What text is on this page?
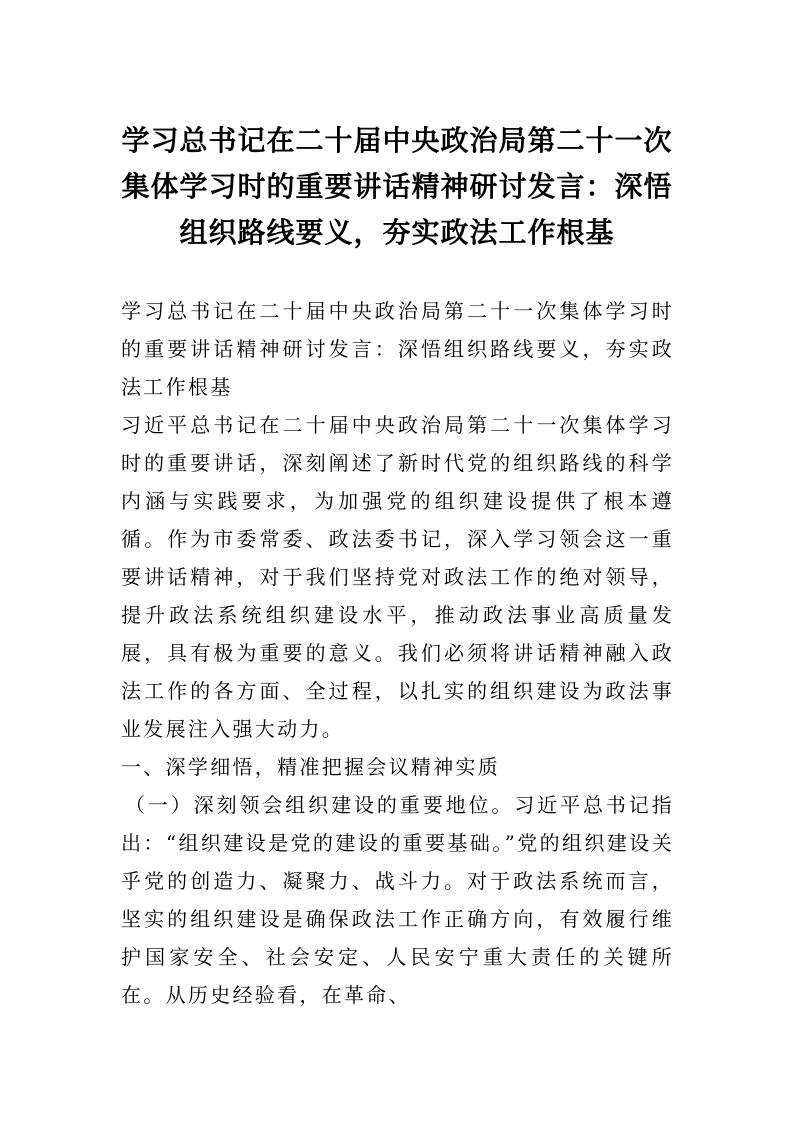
学习总书记在二十届中央政治局第二十一次集体学习时的重要讲话精神研讨发言：深悟组织路线要义，夯实政法工作根基

学习总书记在二十届中央政治局第二十一次集体学习时的重要讲话精神研讨发言：深悟组织路线要义，夯实政法工作根基

习近平总书记在二十届中央政治局第二十一次集体学习时的重要讲话，深刻阐述了新时代党的组织路线的科学内涵与实践要求，为加强党的组织建设提供了根本遵循。作为市委常委、政法委书记，深入学习领会这一重要讲话精神，对于我们坚持党对政法工作的绝对领导，提升政法系统组织建设水平，推动政法事业高质量发展，具有极为重要的意义。我们必须将讲话精神融入政法工作的各方面、全过程，以扎实的组织建设为政法事业发展注入强大动力。

一、深学细悟，精准把握会议精神实质

（一）深刻领会组织建设的重要地位。习近平总书记指出：“组织建设是党的建设的重要基础。”党的组织建设关乎党的创造力、凝聚力、战斗力。对于政法系统而言，坚实的组织建设是确保政法工作正确方向，有效履行维护国家安全、社会安定、人民安宁重大责任的关键所在。从历史经验看，在革命、
